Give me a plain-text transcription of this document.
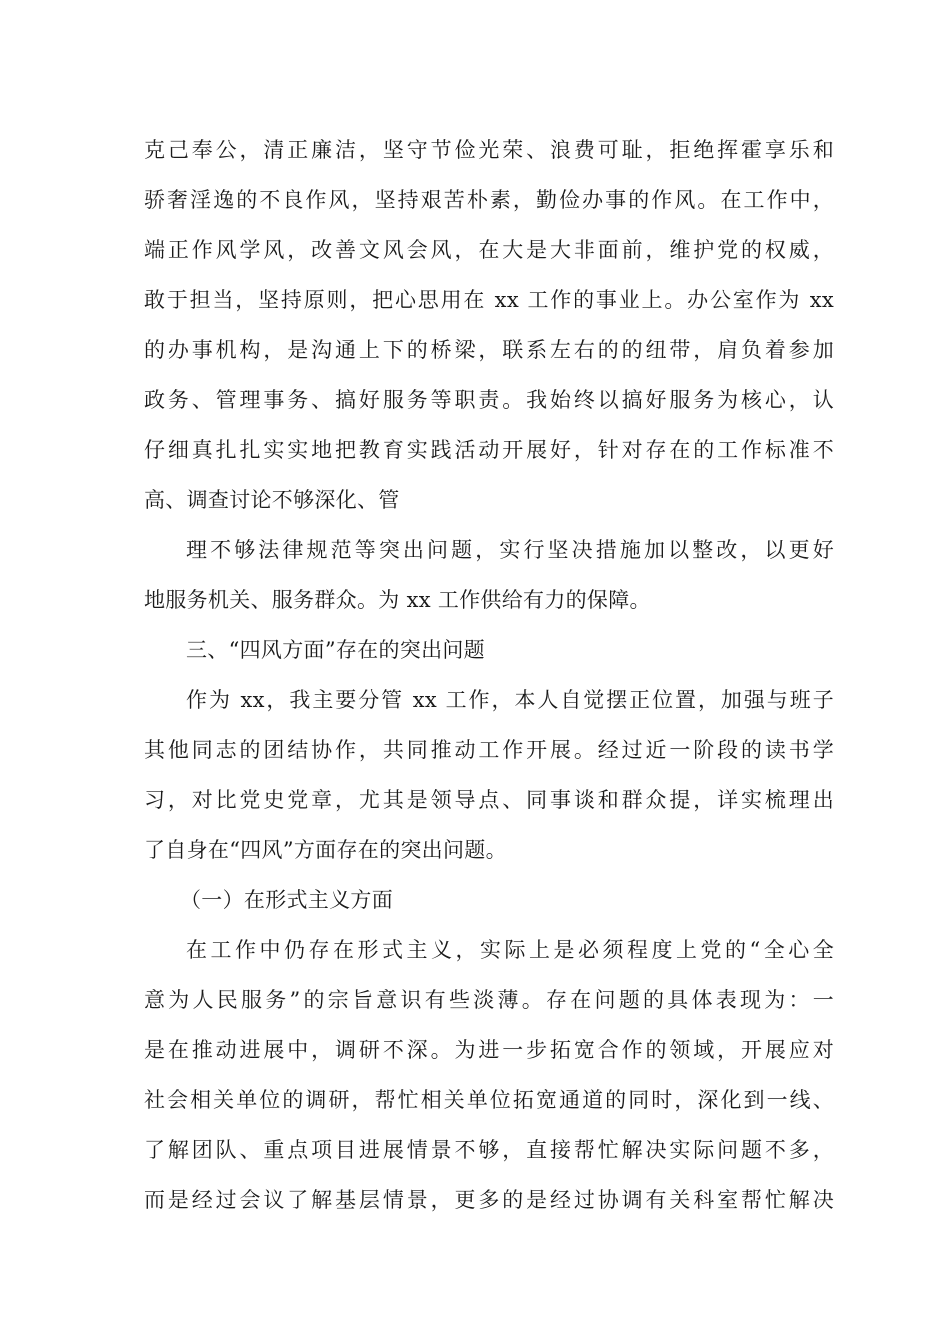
克己奉公，清正廉洁，坚守节俭光荣、浪费可耻，拒绝挥霍享乐和
骄奢淫逸的不良作风，坚持艰苦朴素，勤俭办事的作风。在工作中，
端正作风学风，改善文风会风，在大是大非面前，维护党的权威，
敢于担当，坚持原则，把心思用在 xx 工作的事业上。办公室作为 xx
的办事机构，是沟通上下的桥梁，联系左右的的纽带，肩负着参加
政务、管理事务、搞好服务等职责。我始终以搞好服务为核心，认
仔细真扎扎实实地把教育实践活动开展好，针对存在的工作标准不
高、调查讨论不够深化、管
理不够法律规范等突出问题，实行坚决措施加以整改，以更好
地服务机关、服务群众。为 xx 工作供给有力的保障。
三、“四风方面”存在的突出问题
作为 xx，我主要分管 xx 工作，本人自觉摆正位置，加强与班子
其他同志的团结协作，共同推动工作开展。经过近一阶段的读书学
习，对比党史党章，尤其是领导点、同事谈和群众提，详实梳理出
了自身在“四风”方面存在的突出问题。
（一）在形式主义方面
在工作中仍存在形式主义，实际上是必须程度上党的“全心全
意为人民服务”的宗旨意识有些淡薄。存在问题的具体表现为：一
是在推动进展中，调研不深。为进一步拓宽合作的领域，开展应对
社会相关单位的调研，帮忙相关单位拓宽通道的同时，深化到一线、
了解团队、重点项目进展情景不够，直接帮忙解决实际问题不多，
而是经过会议了解基层情景，更多的是经过协调有关科室帮忙解决
